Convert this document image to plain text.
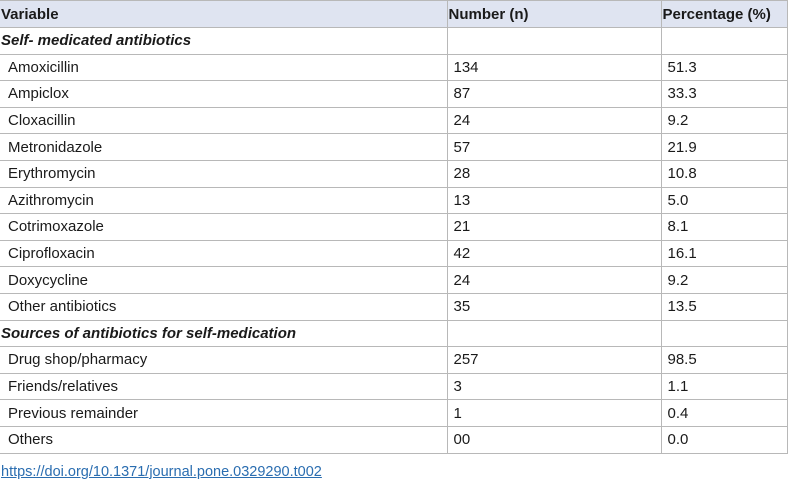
Variable	Number (n)	Percentage (%)
Self- medicated antibiotics		
Amoxicillin	134	51.3
Ampiclox	87	33.3
Cloxacillin	24	9.2
Metronidazole	57	21.9
Erythromycin	28	10.8
Azithromycin	13	5.0
Cotrimoxazole	21	8.1
Ciprofloxacin	42	16.1
Doxycycline	24	9.2
Other antibiotics	35	13.5
Sources of antibiotics for self-medication		
Drug shop/pharmacy	257	98.5
Friends/relatives	3	1.1
Previous remainder	1	0.4
Others	00	0.0
https://doi.org/10.1371/journal.pone.0329290.t002
